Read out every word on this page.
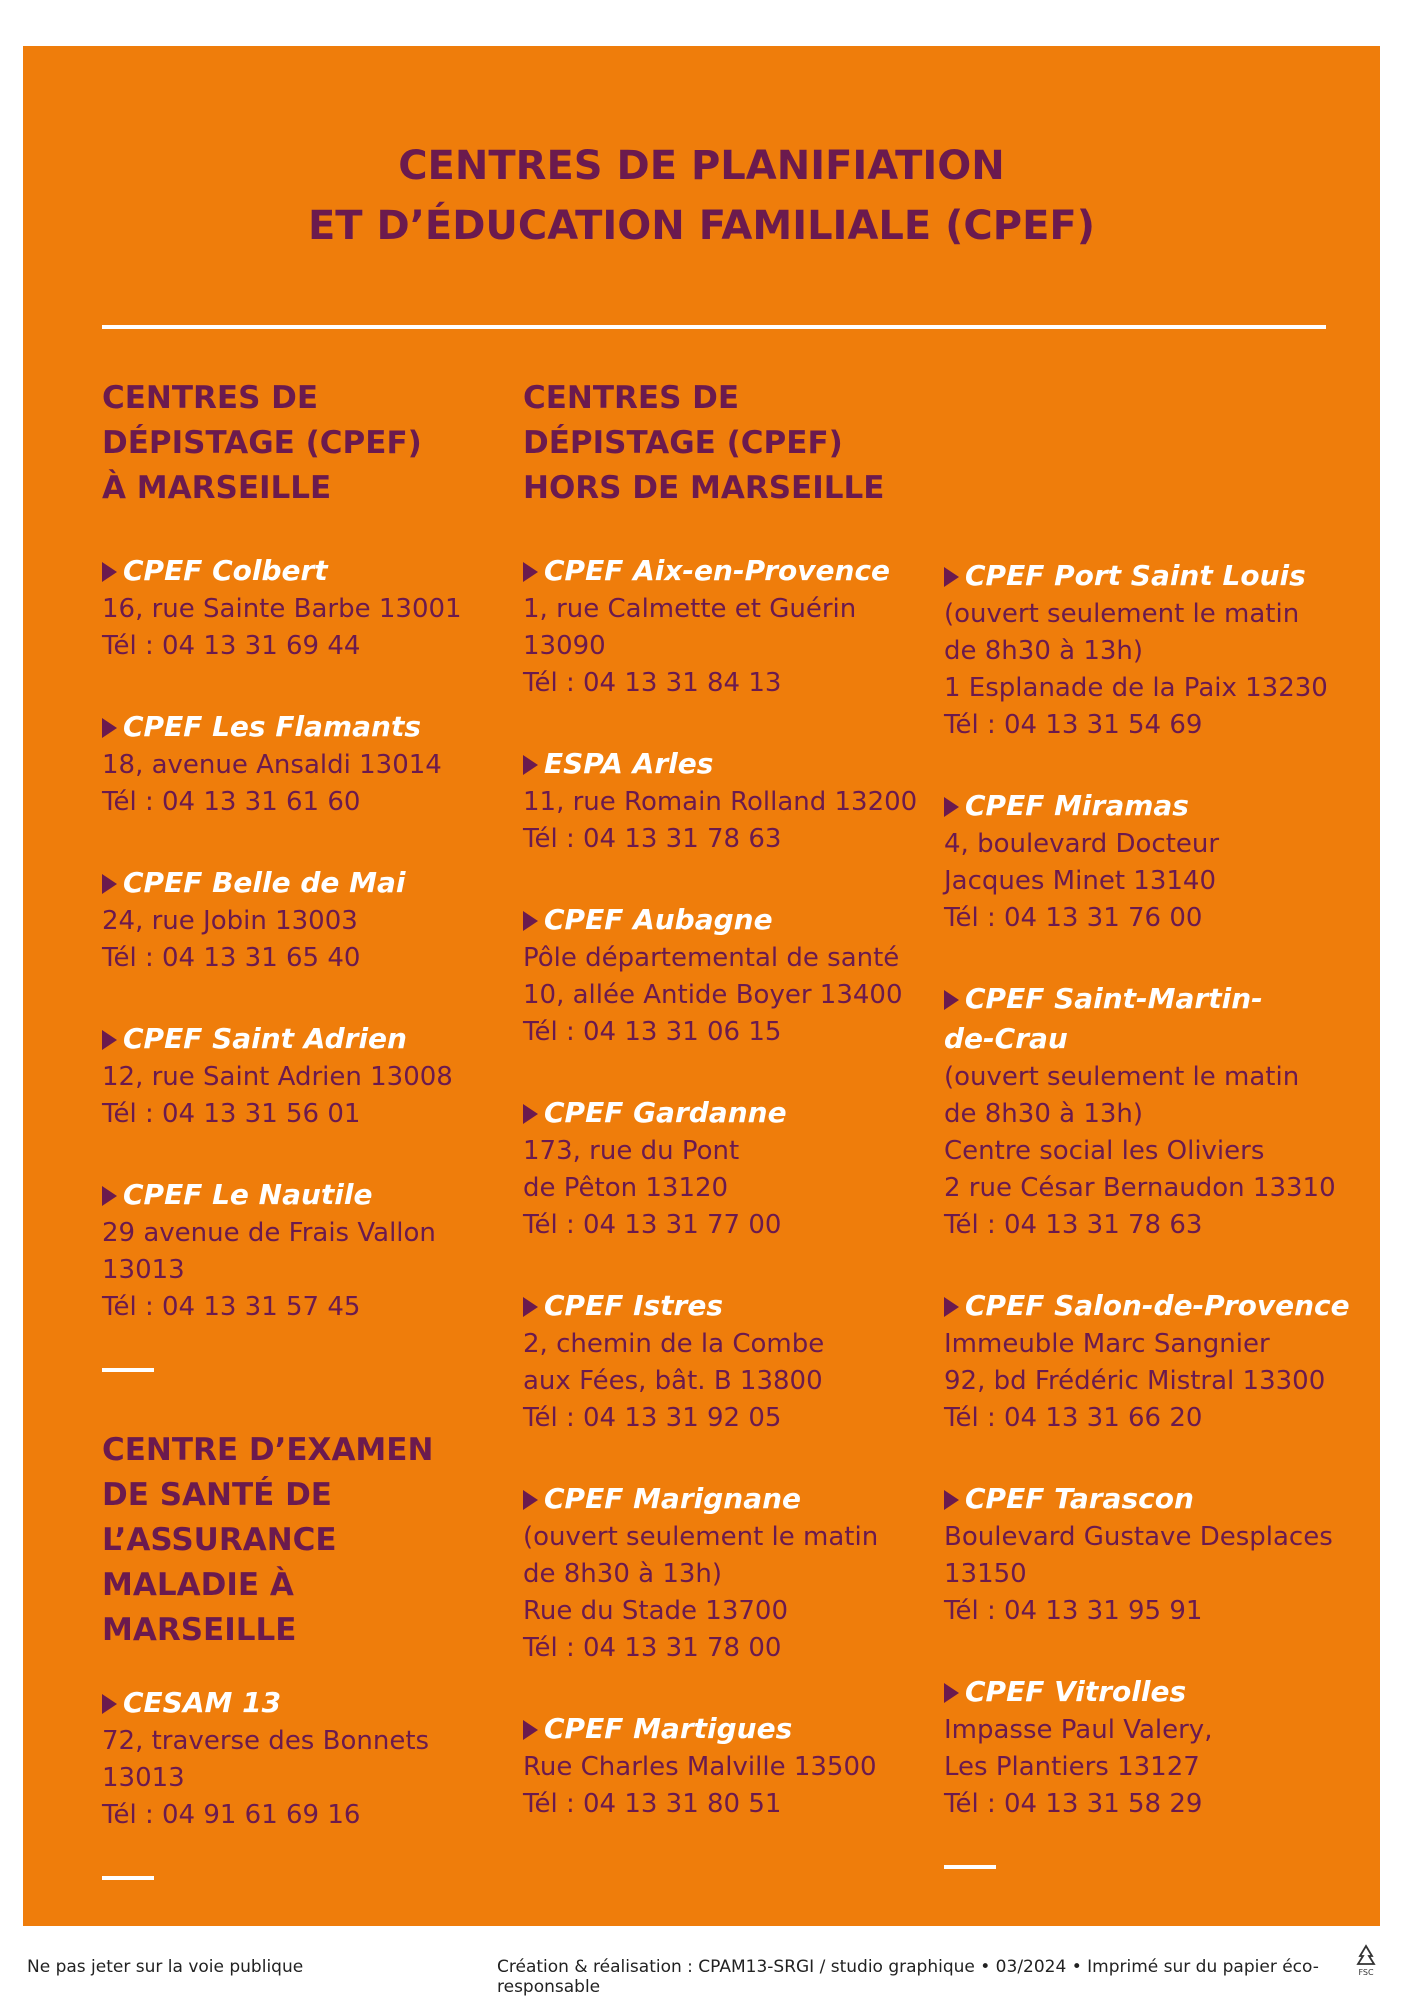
CENTRES DE PLANIFIATION
ET D’ÉDUCATION FAMILIALE (CPEF)
CENTRES DE
DÉPISTAGE (CPEF)
À MARSEILLE
CPEF Colbert
16, rue Sainte Barbe 13001
Tél : 04 13 31 69 44
CPEF Les Flamants
18, avenue Ansaldi 13014
Tél : 04 13 31 61 60
CPEF Belle de Mai
24, rue Jobin 13003
Tél : 04 13 31 65 40
CPEF Saint Adrien
12, rue Saint Adrien 13008
Tél : 04 13 31 56 01
CPEF Le Nautile
29 avenue de Frais Vallon
13013
Tél : 04 13 31 57 45
CENTRE D’EXAMEN
DE SANTÉ DE
L’ASSURANCE
MALADIE À MARSEILLE
CESAM 13
72, traverse des Bonnets
13013
Tél : 04 91 61 69 16
CENTRES DE
DÉPISTAGE (CPEF)
HORS DE MARSEILLE
CPEF Aix-en-Provence
1, rue Calmette et Guérin
13090
Tél : 04 13 31 84 13
ESPA Arles
11, rue Romain Rolland 13200
Tél : 04 13 31 78 63
CPEF Aubagne
Pôle départemental de santé
10, allée Antide Boyer 13400
Tél : 04 13 31 06 15
CPEF Gardanne
173, rue du Pont
de Pêton 13120
Tél : 04 13 31 77 00
CPEF Istres
2, chemin de la Combe
aux Fées, bât. B 13800
Tél : 04 13 31 92 05
CPEF Marignane
(ouvert seulement le matin
de 8h30 à 13h)
Rue du Stade 13700
Tél : 04 13 31 78 00
CPEF Martigues
Rue Charles Malville 13500
Tél : 04 13 31 80 51
CPEF Port Saint Louis
(ouvert seulement le matin
de 8h30 à 13h)
1 Esplanade de la Paix 13230
Tél : 04 13 31 54 69
CPEF Miramas
4, boulevard Docteur
Jacques Minet 13140
Tél : 04 13 31 76 00
CPEF Saint-Martin-
de-Crau
(ouvert seulement le matin
de 8h30 à 13h)
Centre social les Oliviers
2 rue César Bernaudon 13310
Tél : 04 13 31 78 63
CPEF Salon-de-Provence
Immeuble Marc Sangnier
92, bd Frédéric Mistral 13300
Tél : 04 13 31 66 20
CPEF Tarascon
Boulevard Gustave Desplaces
13150
Tél : 04 13 31 95 91
CPEF Vitrolles
Impasse Paul Valery,
Les Plantiers 13127
Tél : 04 13 31 58 29
Ne pas jeter sur la voie publique	Création & réalisation : CPAM13-SRGI / studio graphique • 03/2024 • Imprimé sur du papier éco-responsable
FSC
